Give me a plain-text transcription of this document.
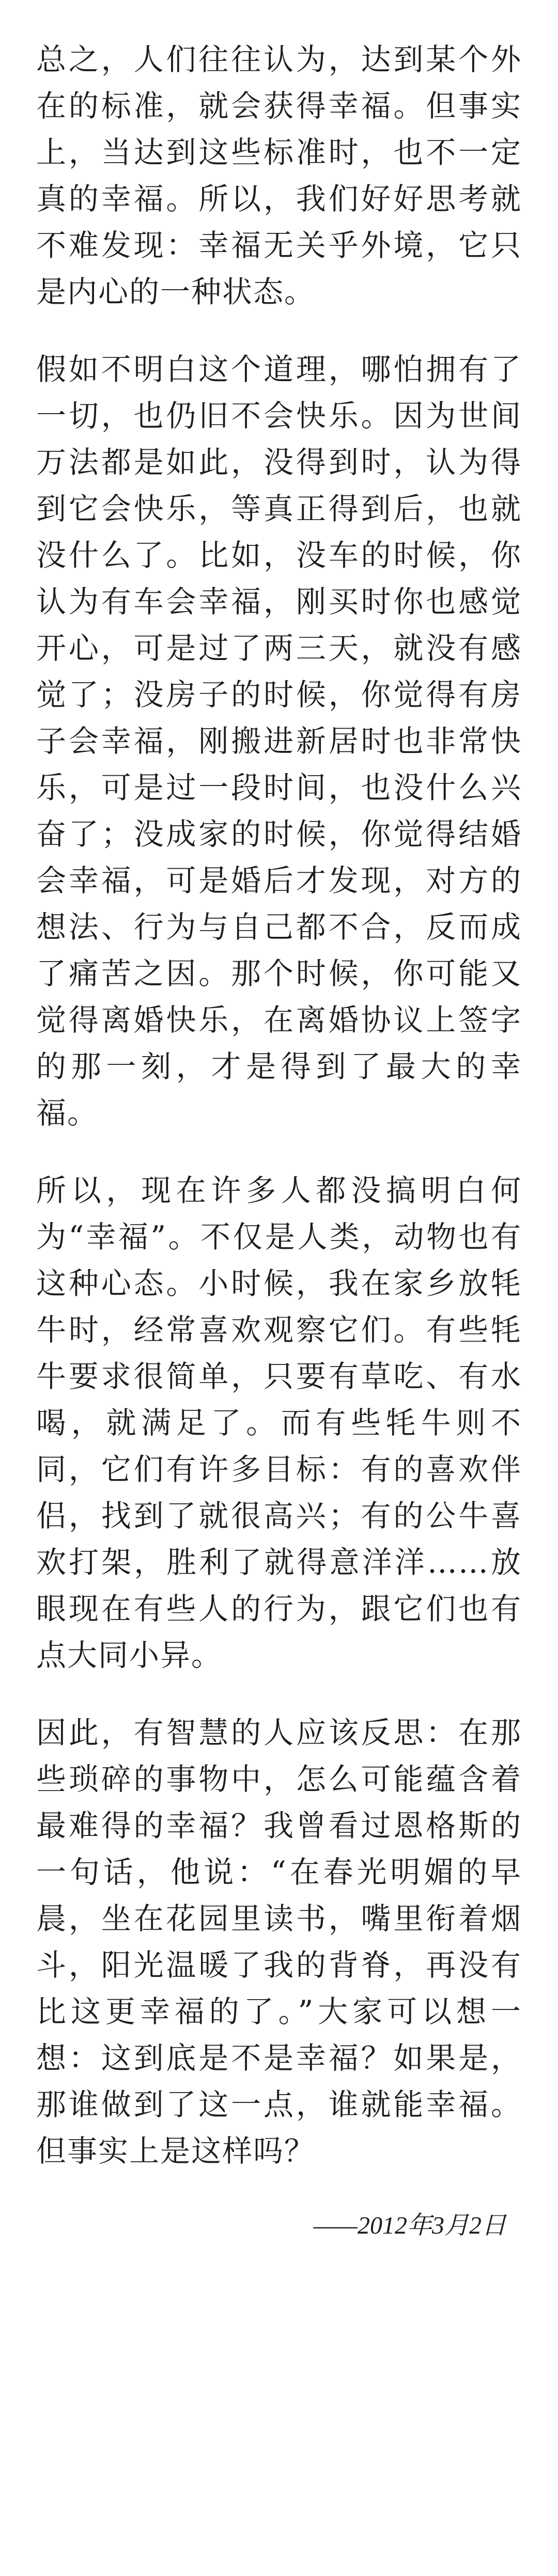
总之，人们往往认为，达到某个外在的标准，就会获得幸福。但事实上，当达到这些标准时，也不一定真的幸福。所以，我们好好思考就不难发现：幸福无关乎外境，它只是内心的一种状态。

假如不明白这个道理，哪怕拥有了一切，也仍旧不会快乐。因为世间万法都是如此，没得到时，认为得到它会快乐，等真正得到后，也就没什么了。比如，没车的时候，你认为有车会幸福，刚买时你也感觉开心，可是过了两三天，就没有感觉了；没房子的时候，你觉得有房子会幸福，刚搬进新居时也非常快乐，可是过一段时间，也没什么兴奋了；没成家的时候，你觉得结婚会幸福，可是婚后才发现，对方的想法、行为与自己都不合，反而成了痛苦之因。那个时候，你可能又觉得离婚快乐，在离婚协议上签字的那一刻，才是得到了最大的幸福。

所以，现在许多人都没搞明白何为“幸福”。不仅是人类，动物也有这种心态。小时候，我在家乡放牦牛时，经常喜欢观察它们。有些牦牛要求很简单，只要有草吃、有水喝，就满足了。而有些牦牛则不同，它们有许多目标：有的喜欢伴侣，找到了就很高兴；有的公牛喜欢打架，胜利了就得意洋洋……放眼现在有些人的行为，跟它们也有点大同小异。

因此，有智慧的人应该反思：在那些琐碎的事物中，怎么可能蕴含着最难得的幸福？我曾看过恩格斯的一句话，他说：“在春光明媚的早晨，坐在花园里读书，嘴里衔着烟斗，阳光温暖了我的背脊，再没有比这更幸福的了。”大家可以想一想：这到底是不是幸福？如果是，那谁做到了这一点，谁就能幸福。但事实上是这样吗？

——2012年3月2日
